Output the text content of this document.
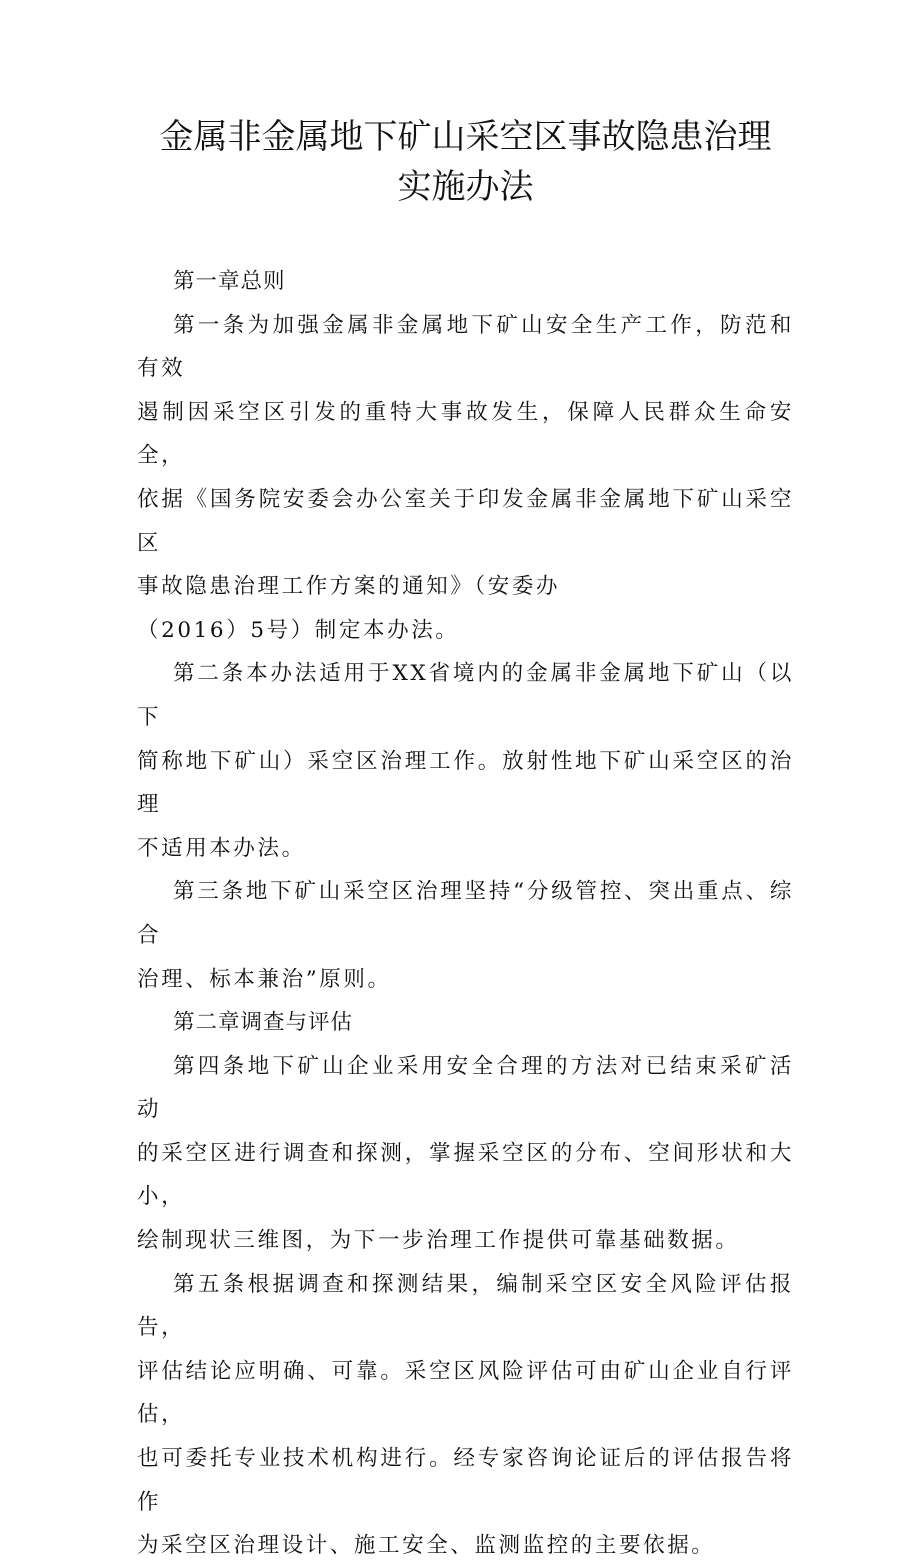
金属非金属地下矿山采空区事故隐患治理
实施办法

第一章总则

第一条为加强金属非金属地下矿山安全生产工作，防范和有效
遏制因采空区引发的重特大事故发生，保障人民群众生命安全，
依据《国务院安委会办公室关于印发金属非金属地下矿山采空区
事故隐患治理工作方案的通知》（安委办
（2016）5号）制定本办法。
第二条本办法适用于XX省境内的金属非金属地下矿山（以下
简称地下矿山）采空区治理工作。放射性地下矿山采空区的治理
不适用本办法。
第三条地下矿山采空区治理坚持“分级管控、突出重点、综合
治理、标本兼治”原则。

第二章调查与评估

第四条地下矿山企业采用安全合理的方法对已结束采矿活动
的采空区进行调查和探测，掌握采空区的分布、空间形状和大小，
绘制现状三维图，为下一步治理工作提供可靠基础数据。
第五条根据调查和探测结果，编制采空区安全风险评估报告，
评估结论应明确、可靠。采空区风险评估可由矿山企业自行评估，
也可委托专业技术机构进行。经专家咨询论证后的评估报告将作
为采空区治理设计、施工安全、监测监控的主要依据。
